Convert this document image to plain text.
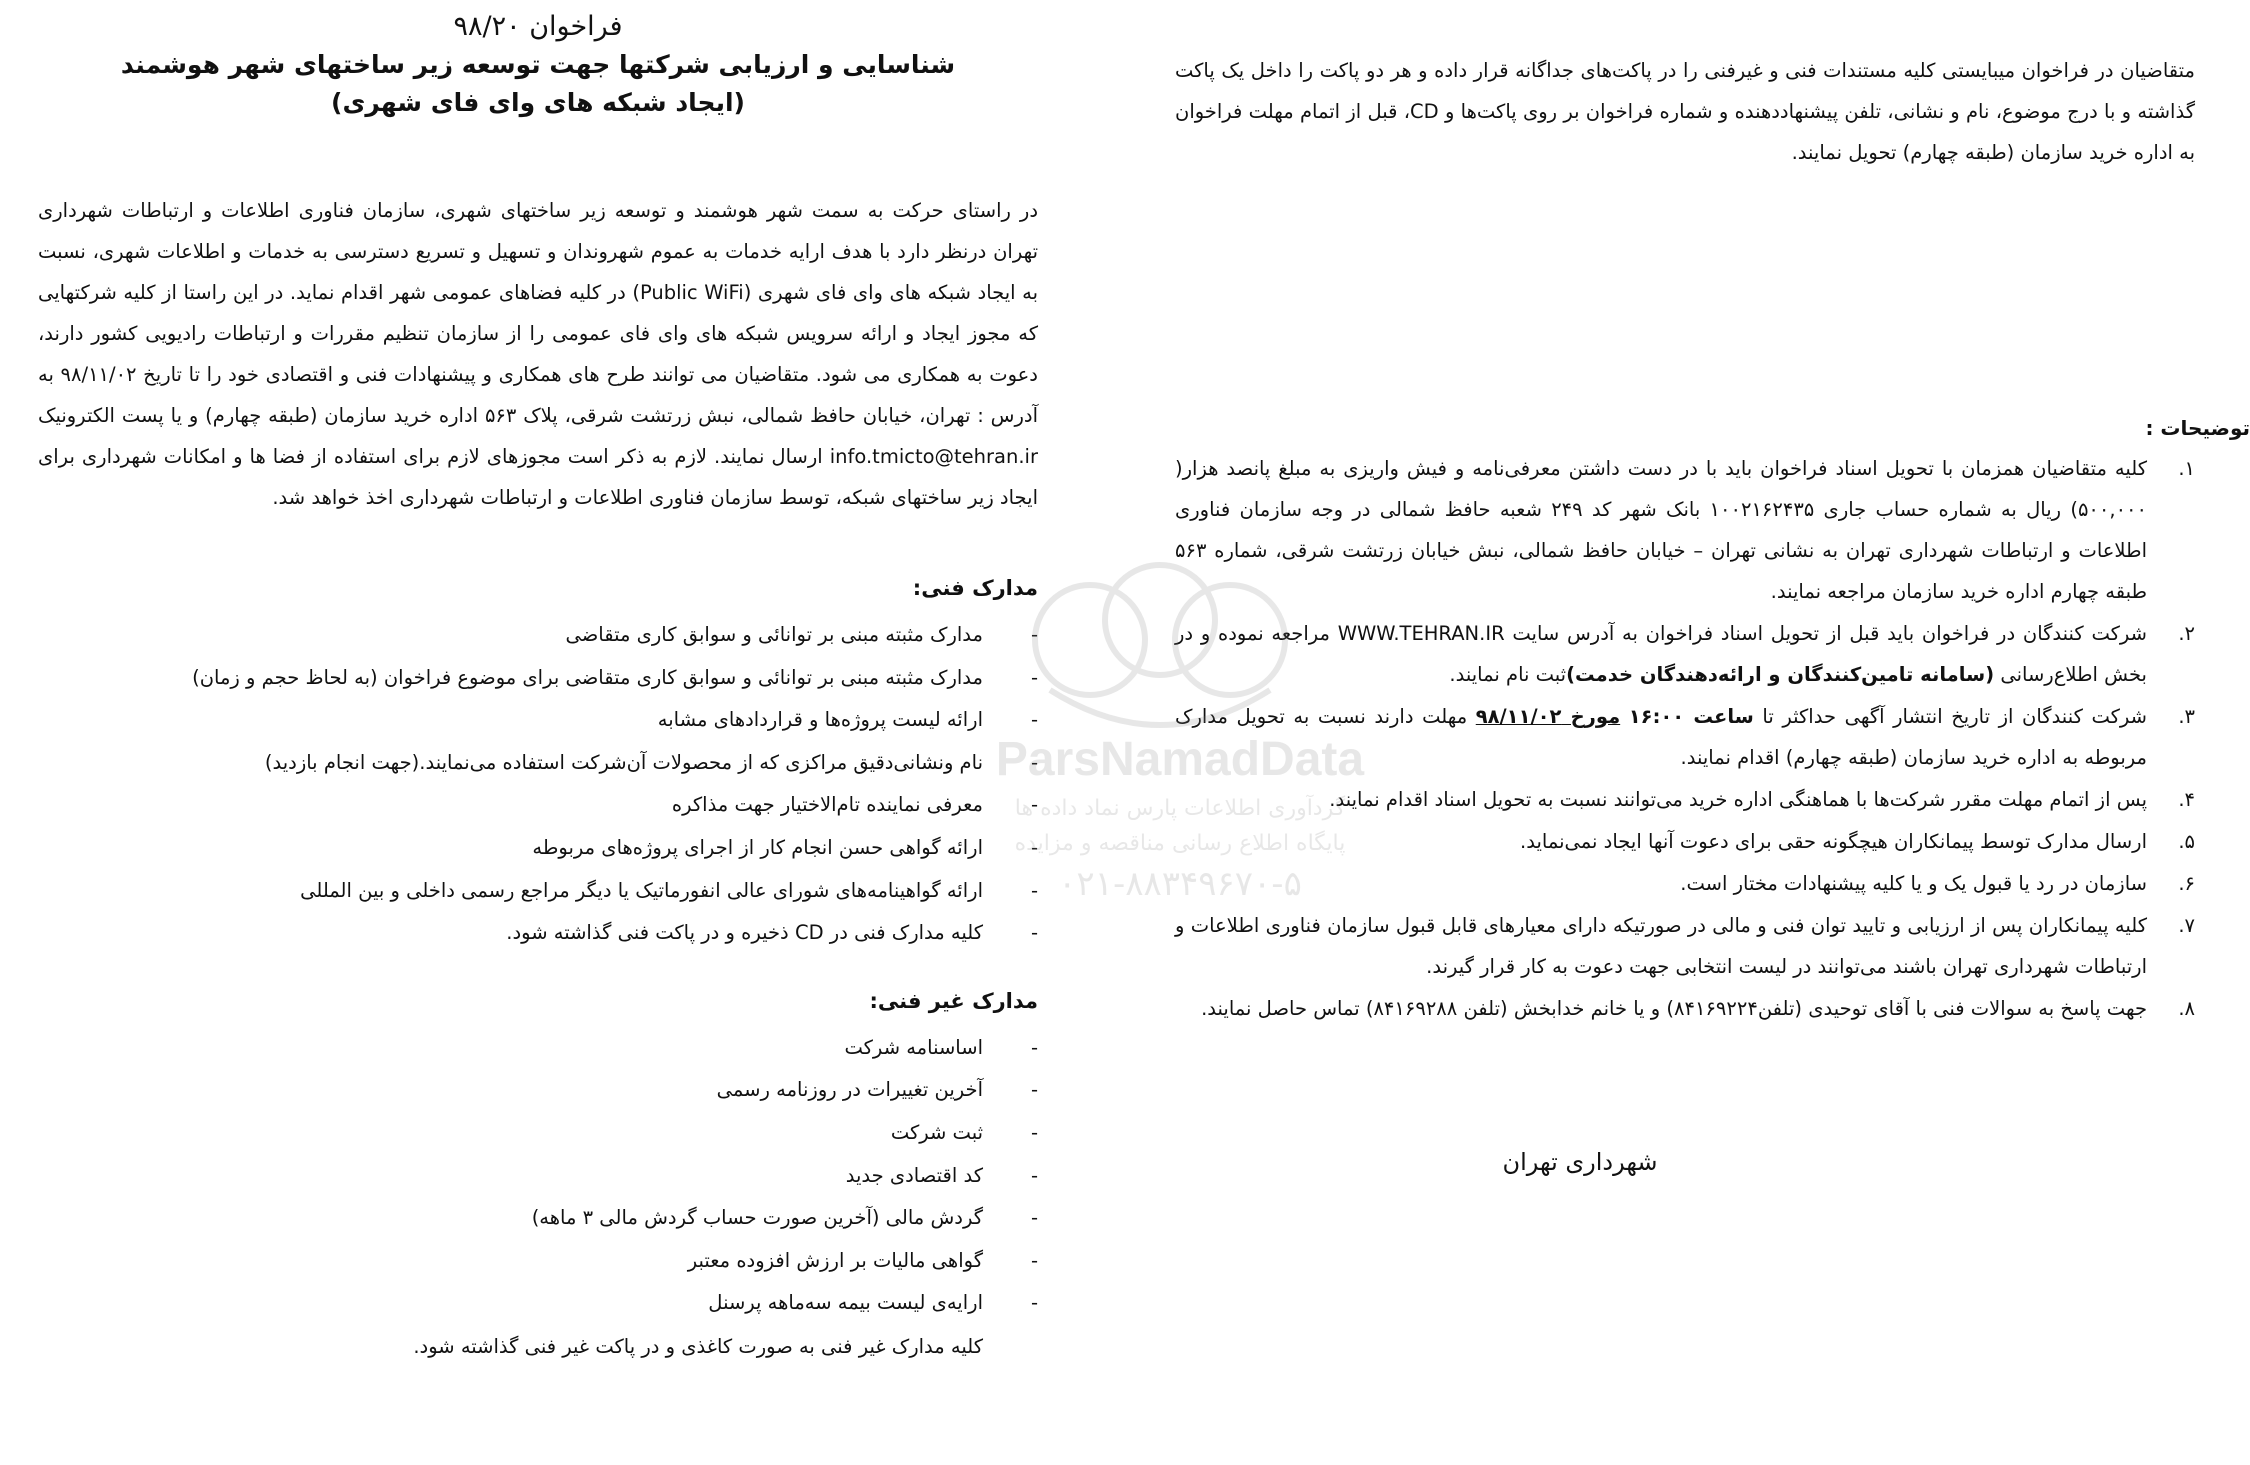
فراخوان ۹۸/۲۰
شناسایی و ارزیابی شرکتها جهت توسعه زیر ساختهای شهر هوشمند
(ایجاد شبکه های وای فای شهری)
در راستای حرکت به سمت شهر هوشمند و توسعه زیر ساختهای شهری، سازمان فناوری اطلاعات و ارتباطات شهرداری تهران درنظر دارد با هدف ارایه خدمات به عموم شهروندان و تسهیل و تسریع دسترسی به خدمات و اطلاعات شهری، نسبت به ایجاد شبکه های وای فای شهری (Public WiFi) در کلیه فضاهای عمومی شهر اقدام نماید. در این راستا از کلیه شرکتهایی که مجوز ایجاد و ارائه سرویس شبکه های وای فای عمومی را از سازمان تنظیم مقررات و ارتباطات رادیویی کشور دارند، دعوت به همکاری می شود. متقاضیان می توانند طرح های همکاری و پیشنهادات فنی و اقتصادی خود را تا تاریخ ۹۸/۱۱/۰۲ به آدرس : تهران، خیابان حافظ شمالی، نبش زرتشت شرقی، پلاک ۵۶۳ اداره خرید سازمان (طبقه چهارم) و یا پست الکترونیک info.tmicto@tehran.ir ارسال نمایند. لازم به ذکر است مجوزهای لازم برای استفاده از فضا ها و امکانات شهرداری برای ایجاد زیر ساختهای شبکه، توسط سازمان فناوری اطلاعات و ارتباطات شهرداری اخذ خواهد شد.
مدارک فنی:
- مدارک مثبته مبنی بر توانائی و سوابق کاری متقاضی
- مدارک مثبته مبنی بر توانائی و سوابق کاری متقاضی برای موضوع فراخوان (به لحاظ حجم و زمان)
- ارائه لیست پروژه‌ها و قراردادهای مشابه
- نام ونشانی‌دقیق مراکزی که از محصولات آن‌شرکت استفاده می‌نمایند.(جهت انجام بازدید)
- معرفی نماینده تام‌الاختیار جهت مذاکره
- ارائه گواهی حسن انجام کار از اجرای پروژه‌های مربوطه
- ارائه گواهینامه‌های شورای عالی انفورماتیک یا دیگر مراجع رسمی داخلی و بین المللی
- کلیه مدارک فنی در CD ذخیره و در پاکت فنی گذاشته شود.
مدارک غیر فنی:
- اساسنامه شرکت
- آخرین تغییرات در روزنامه رسمی
- ثبت شرکت
- کد اقتصادی جدید
- گردش مالی (آخرین صورت حساب گردش مالی ۳ ماهه)
- گواهی مالیات بر ارزش افزوده معتبر
- ارایه‌ی لیست بیمه سه‌ماهه پرسنل
کلیه مدارک غیر فنی به صورت کاغذی و در پاکت غیر فنی گذاشته شود.
متقاضیان در فراخوان میبایستی کلیه مستندات فنی و غیرفنی را در پاکت‌های جداگانه قرار داده و هر دو پاکت را داخل یک پاکت گذاشته و با درج موضوع، نام و نشانی، تلفن پیشنهاددهنده و شماره فراخوان بر روی پاکت‌ها و CD، قبل از اتمام مهلت فراخوان به اداره خرید سازمان (طبقه چهارم) تحویل نمایند.
توضیحات :
۱.
کلیه متقاضیان همزمان با تحویل اسناد فراخوان باید با در دست داشتن معرفی‌نامه و فیش واریزی به مبلغ پانصد هزار( ۵۰۰,۰۰۰) ریال به شماره حساب جاری ۱۰۰۲۱۶۲۴۳۵ بانک شهر کد ۲۴۹ شعبه حافظ شمالی در وجه سازمان فناوری اطلاعات و ارتباطات شهرداری تهران به نشانی تهران – خیابان حافظ شمالی، نبش خیابان زرتشت شرقی، شماره ۵۶۳ طبقه چهارم اداره خرید سازمان مراجعه نمایند.
۲.
شرکت کنندگان در فراخوان باید قبل از تحویل اسناد فراخوان به آدرس سایت WWW.TEHRAN.IR مراجعه نموده و در بخش اطلاع‌رسانی (سامانه تامین‌کنندگان و ارائه‌دهندگان خدمت)ثبت نام نمایند.
۳.
شرکت کنندگان از تاریخ انتشار آگهی حداکثر تا ساعت ۱۶:۰۰ مورخ ۹۸/۱۱/۰۲ مهلت دارند نسبت به تحویل مدارک مربوطه به اداره خرید سازمان (طبقه چهارم) اقدام نمایند.
۴.
پس از اتمام مهلت مقرر شرکت‌ها با هماهنگی اداره خرید می‌توانند نسبت به تحویل اسناد اقدام نمایند.
۵.
ارسال مدارک توسط پیمانکاران هیچگونه حقی برای دعوت آنها ایجاد نمی‌نماید.
۶.
سازمان در رد یا قبول یک و یا کلیه پیشنهادات مختار است.
۷.
کلیه پیمانکاران پس از ارزیابی و تایید توان فنی و مالی در صورتیکه دارای معیارهای قابل قبول سازمان فناوری اطلاعات و ارتباطات شهرداری تهران باشند می‌توانند در لیست انتخابی جهت دعوت به کار قرار گیرند.
۸.
جهت پاسخ به سوالات فنی با آقای توحیدی (تلفن۸۴۱۶۹۲۲۴) و یا خانم خدابخش (تلفن ۸۴۱۶۹۲۸۸) تماس حاصل نمایند.
شهرداری تهران
ParsNamadData
گردآوری اطلاعات پارس نماد داده ها
پایگاه اطلاع رسانی مناقصه و مزایده
۰۲۱-۸۸۳۴۹۶۷۰-۵
